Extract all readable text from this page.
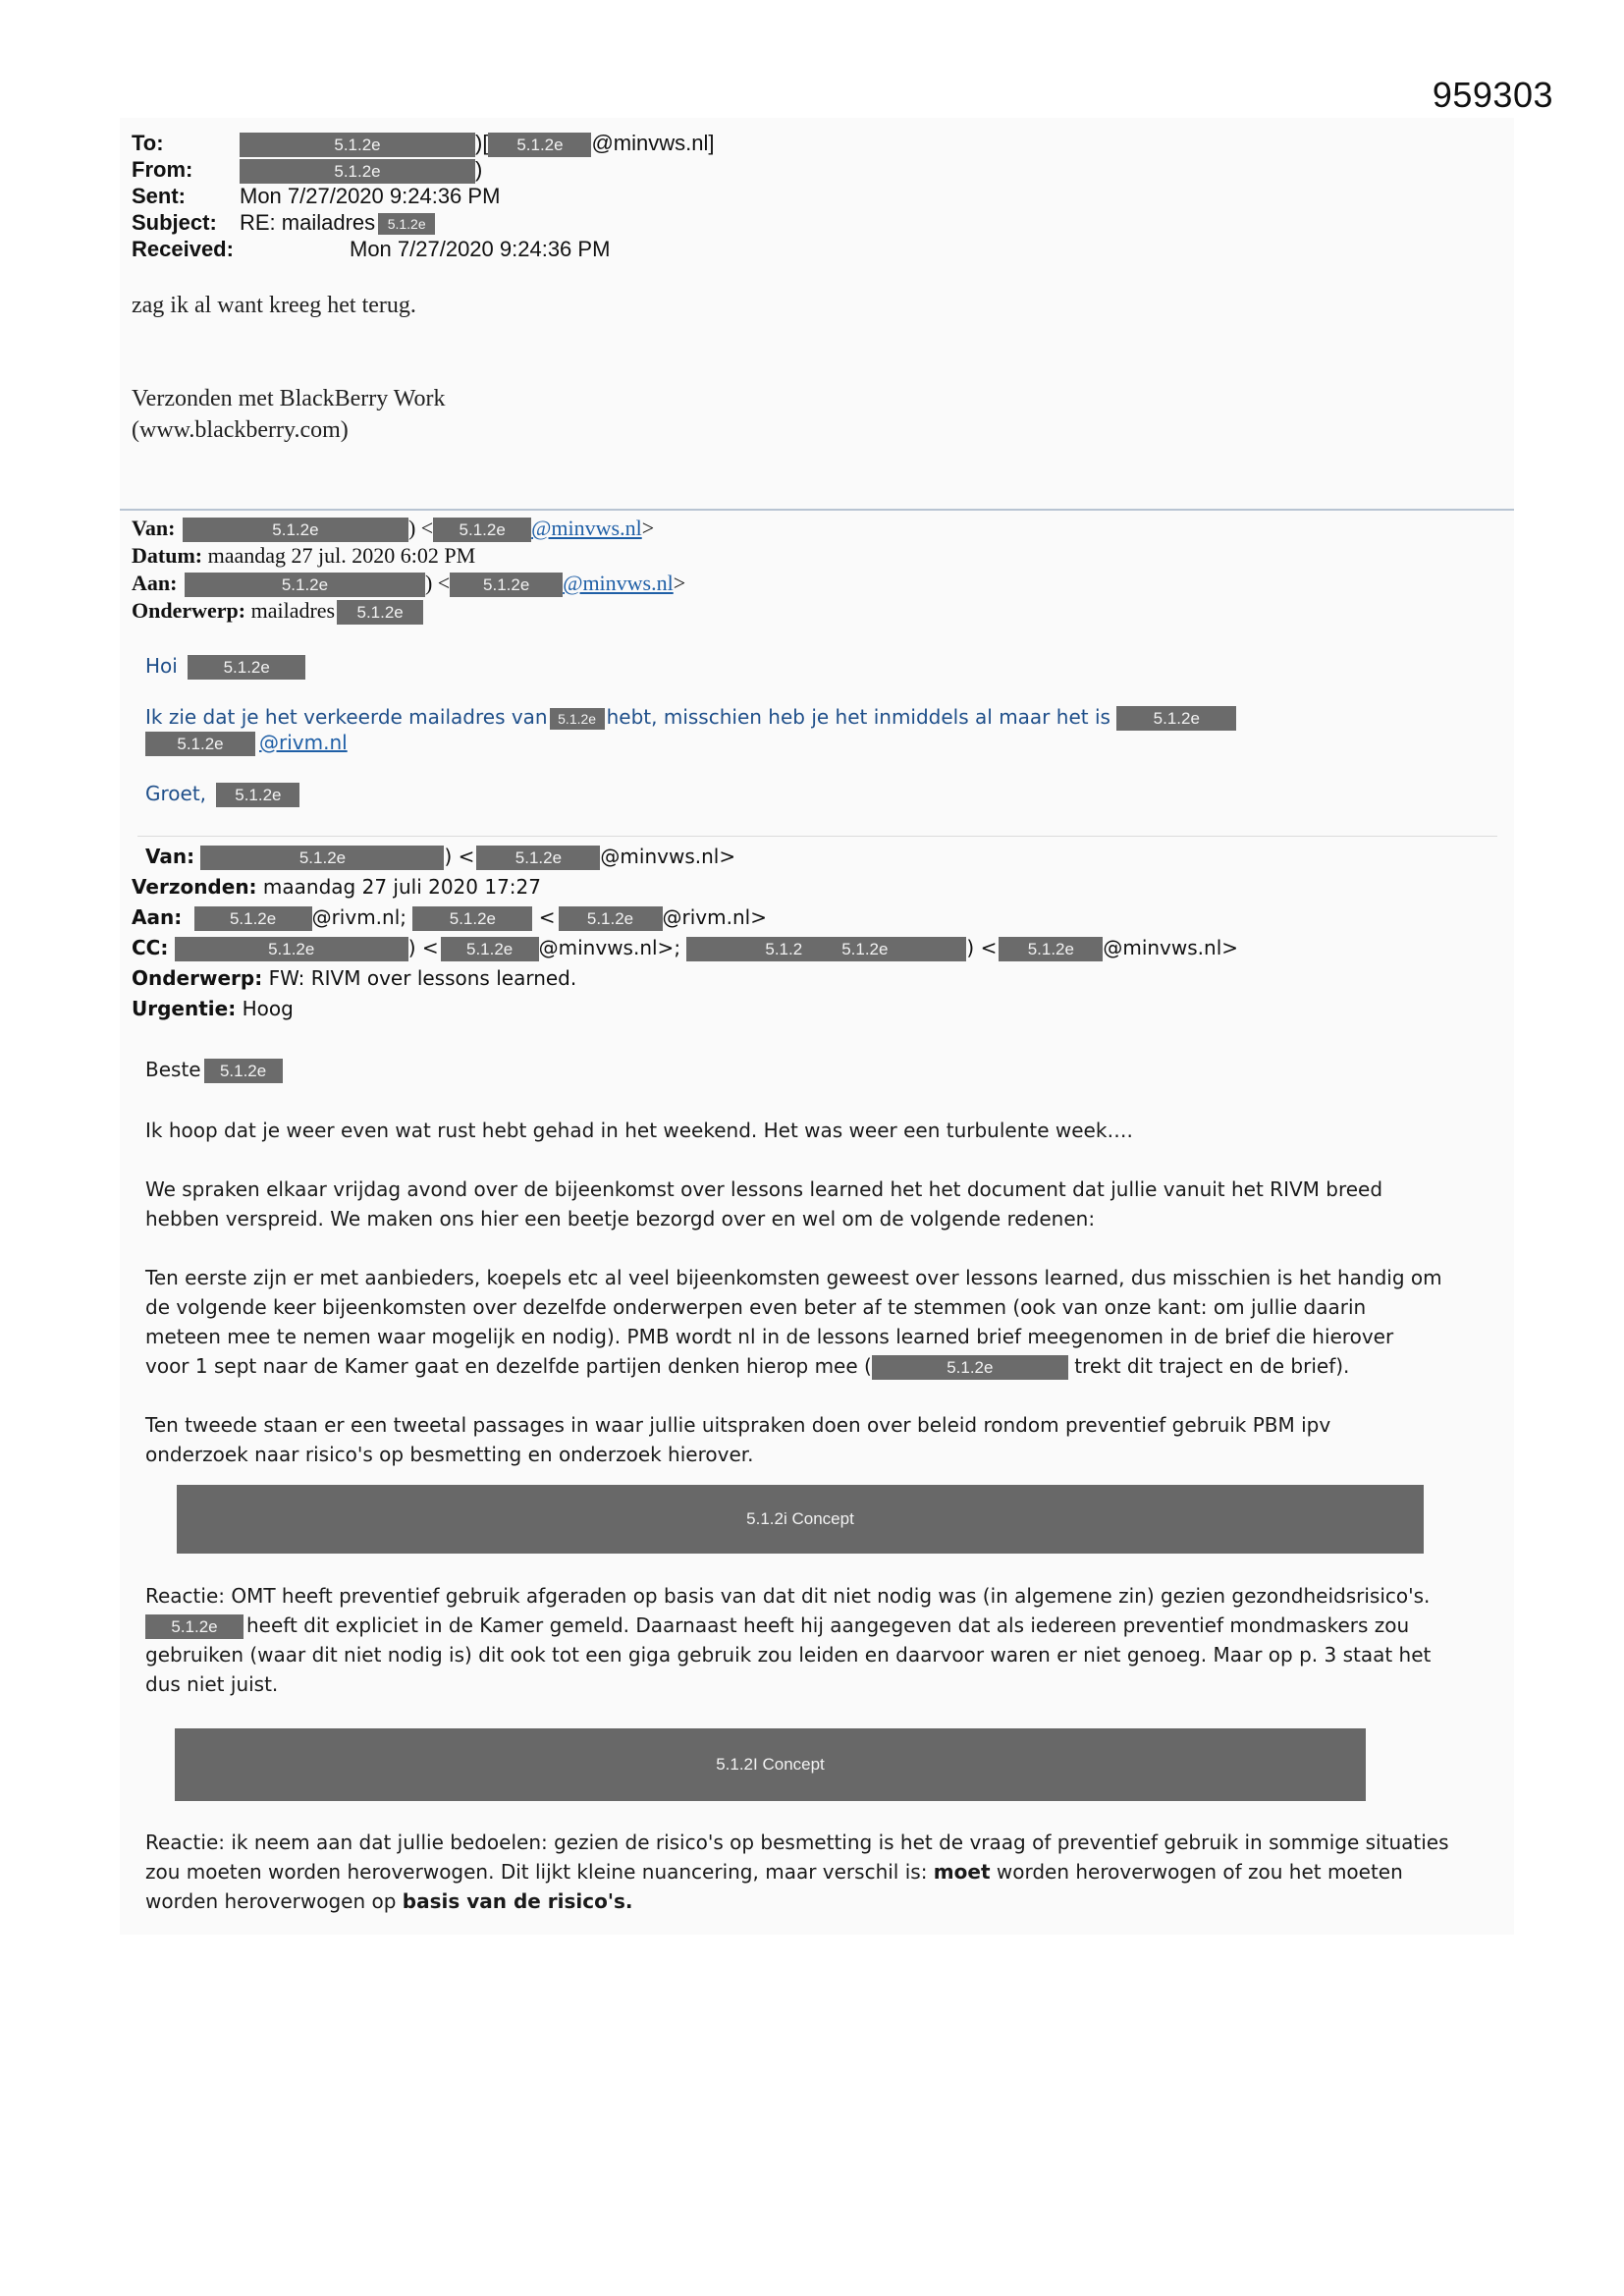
959303
To:	5.1.2e	)[ 5.1.2e @minvws.nl]
From:	5.1.2e	)
Sent:	Mon 7/27/2020 9:24:36 PM
Subject: RE: mailadres 5.1.2e
Received:	Mon 7/27/2020 9:24:36 PM
zag ik al want kreeg het terug.
Verzonden met BlackBerry Work
(www.blackberry.com)
Van:	5.1.2e	) < 5.1.2e @minvws.nl>
Datum: maandag 27 jul. 2020 6:02 PM
Aan:	5.1.2e	) < 5.1.2e @minvws.nl>
Onderwerp: mailadres 5.1.2e
Hoi	5.1.2e
Ik zie dat je het verkeerde mailadres van 5.1.2e hebt, misschien heb je het inmiddels al maar het is	5.1.2e
5.1.2e @rivm.nl
Groet, 5.1.2e
Van:	5.1.2e	) < 5.1.2e @minvws.nl>
Verzonden: maandag 27 juli 2020 17:27
Aan:	5.1.2e @rivm.nl;	5.1.2e < 5.1.2e @rivm.nl>
CC:	5.1.2e	) < 5.1.2e @minvws.nl>;	5.1.2 5.1.2e	) < 5.1.2e @minvws.nl>
Onderwerp: FW: RIVM over lessons learned.
Urgentie: Hoog
Beste 5.1.2e
Ik hoop dat je weer even wat rust hebt gehad in het weekend. Het was weer een turbulente week….
We spraken elkaar vrijdag avond over de bijeenkomst over lessons learned het het document dat jullie vanuit het RIVM breed
hebben verspreid. We maken ons hier een beetje bezorgd over en wel om de volgende redenen:
Ten eerste zijn er met aanbieders, koepels etc al veel bijeenkomsten geweest over lessons learned, dus misschien is het handig om
de volgende keer bijeenkomsten over dezelfde onderwerpen even beter af te stemmen (ook van onze kant: om jullie daarin
meteen mee te nemen waar mogelijk en nodig). PMB wordt nl in de lessons learned brief meegenomen in de brief die hierover
voor 1 sept naar de Kamer gaat en dezelfde partijen denken hierop mee (	5.1.2e	trekt dit traject en de brief).
Ten tweede staan er een tweetal passages in waar jullie uitspraken doen over beleid rondom preventief gebruik PBM ipv
onderzoek naar risico's op besmetting en onderzoek hierover.
5.1.2i Concept
Reactie: OMT heeft preventief gebruik afgeraden op basis van dat dit niet nodig was (in algemene zin) gezien gezondheidsrisico's.
5.1.2e heeft dit expliciet in de Kamer gemeld. Daarnaast heeft hij aangegeven dat als iedereen preventief mondmaskers zou
gebruiken (waar dit niet nodig is) dit ook tot een giga gebruik zou leiden en daarvoor waren er niet genoeg. Maar op p. 3 staat het
dus niet juist.
5.1.2I Concept
Reactie: ik neem aan dat jullie bedoelen: gezien de risico's op besmetting is het de vraag of preventief gebruik in sommige situaties
zou moeten worden heroverwogen. Dit lijkt kleine nuancering, maar verschil is: moet worden heroverwogen of zou het moeten
worden heroverwogen op basis van de risico's.
